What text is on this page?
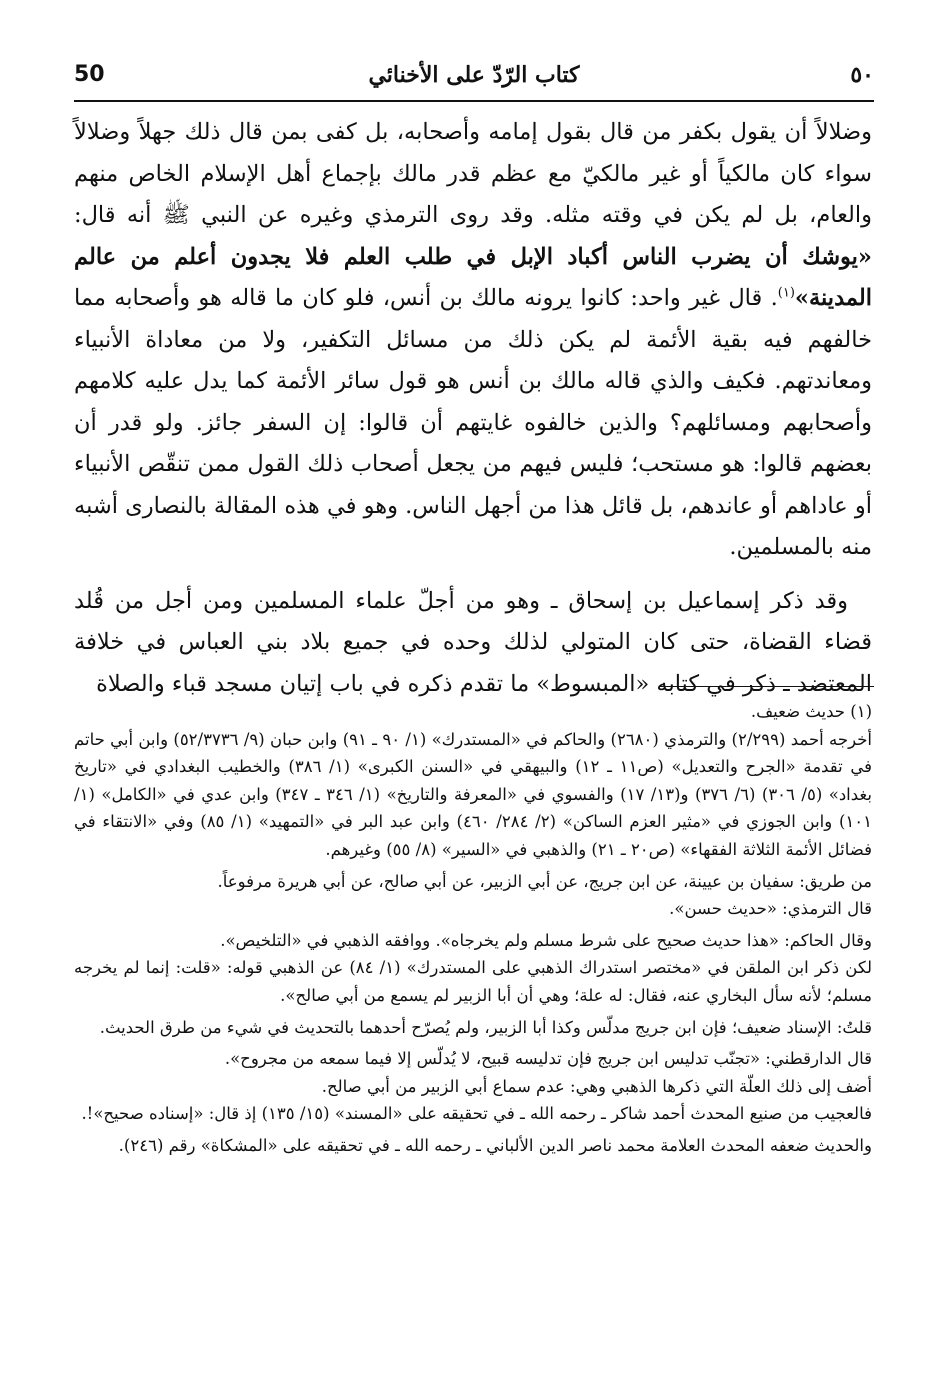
50	كتاب الرّدّ على الأخنائي	٥٠

وضلالاً أن يقول بكفر من قال بقول إمامه وأصحابه، بل كفى بمن قال ذلك جهلاً وضلالاً سواء كان مالكياً أو غير مالكيّ مع عظم قدر مالك بإجماع أهل الإسلام الخاص منهم والعام، بل لم يكن في وقته مثله. وقد روى الترمذي وغيره عن النبي ﷺ أنه قال: «يوشك أن يضرب الناس أكباد الإبل في طلب العلم فلا يجدون أعلم من عالم المدينة»$^{(١)}$. قال غير واحد: كانوا يرونه مالك بن أنس، فلو كان ما قاله هو وأصحابه مما خالفهم فيه بقية الأئمة لم يكن ذلك من مسائل التكفير، ولا من معاداة الأنبياء ومعاندتهم. فكيف والذي قاله مالك بن أنس هو قول سائر الأئمة كما يدل عليه كلامهم وأصحابهم ومسائلهم؟ والذين خالفوه غايتهم أن قالوا: إن السفر جائز. ولو قدر أن بعضهم قالوا: هو مستحب؛ فليس فيهم من يجعل أصحاب ذلك القول ممن تنقّص الأنبياء أو عاداهم أو عاندهم، بل قائل هذا من أجهل الناس. وهو في هذه المقالة بالنصارى أشبه منه بالمسلمين.

وقد ذكر إسماعيل بن إسحاق ـ وهو من أجلّ علماء المسلمين ومن أجل من قُلد قضاء القضاة، حتى كان المتولي لذلك وحده في جميع بلاد بني العباس في خلافة المعتضد ـ ذكر في كتابه «المبسوط» ما تقدم ذكره في باب إتيان مسجد قباء والصلاة

(١) حديث ضعيف.

أخرجه أحمد (٢/٢٩٩) والترمذي (٢٦٨٠) والحاكم في «المستدرك» (١/ ٩٠ ـ ٩١) وابن حبان (٩/ ٥٢/٣٧٣٦) وابن أبي حاتم في تقدمة «الجرح والتعديل» (ص١١ ـ ١٢) والبيهقي في «السنن الكبرى» (١/ ٣٨٦) والخطيب البغدادي في «تاريخ بغداد» (٥/ ٣٠٦) (٦/ ٣٧٦) و(١٣/ ١٧) والفسوي في «المعرفة والتاريخ» (١/ ٣٤٦ ـ ٣٤٧) وابن عدي في «الكامل» (١/ ١٠١) وابن الجوزي في «مثير العزم الساكن» (٢/ ٢٨٤/ ٤٦٠) وابن عبد البر في «التمهيد» (١/ ٨٥) وفي «الانتقاء في فضائل الأئمة الثلاثة الفقهاء» (ص٢٠ ـ ٢١) والذهبي في «السير» (٨/ ٥٥) وغيرهم.

من طريق: سفيان بن عيينة، عن ابن جريج، عن أبي الزبير، عن أبي صالح، عن أبي هريرة مرفوعاً.

قال الترمذي: «حديث حسن».

وقال الحاكم: «هذا حديث صحيح على شرط مسلم ولم يخرجاه». ووافقه الذهبي في «التلخيص».

لكن ذكر ابن الملقن في «مختصر استدراك الذهبي على المستدرك» (١/ ٨٤) عن الذهبي قوله: «قلت: إنما لم يخرجه مسلم؛ لأنه سأل البخاري عنه، فقال: له علة؛ وهي أن أبا الزبير لم يسمع من أبي صالح».

قلتُ: الإسناد ضعيف؛ فإن ابن جريج مدلّس وكذا أبا الزبير، ولم يُصرّح أحدهما بالتحديث في شيء من طرق الحديث.

قال الدارقطني: «تجنّب تدليس ابن جريج فإن تدليسه قبيح، لا يُدلّس إلا فيما سمعه من مجروح».

أضف إلى ذلك العلّة التي ذكرها الذهبي وهي: عدم سماع أبي الزبير من أبي صالح.

فالعجيب من صنيع المحدث أحمد شاكر ـ رحمه الله ـ في تحقيقه على «المسند» (١٥/ ١٣٥) إذ قال: «إسناده صحيح»!.

والحديث ضعفه المحدث العلامة محمد ناصر الدين الألباني ـ رحمه الله ـ في تحقيقه على «المشكاة» رقم (٢٤٦).
